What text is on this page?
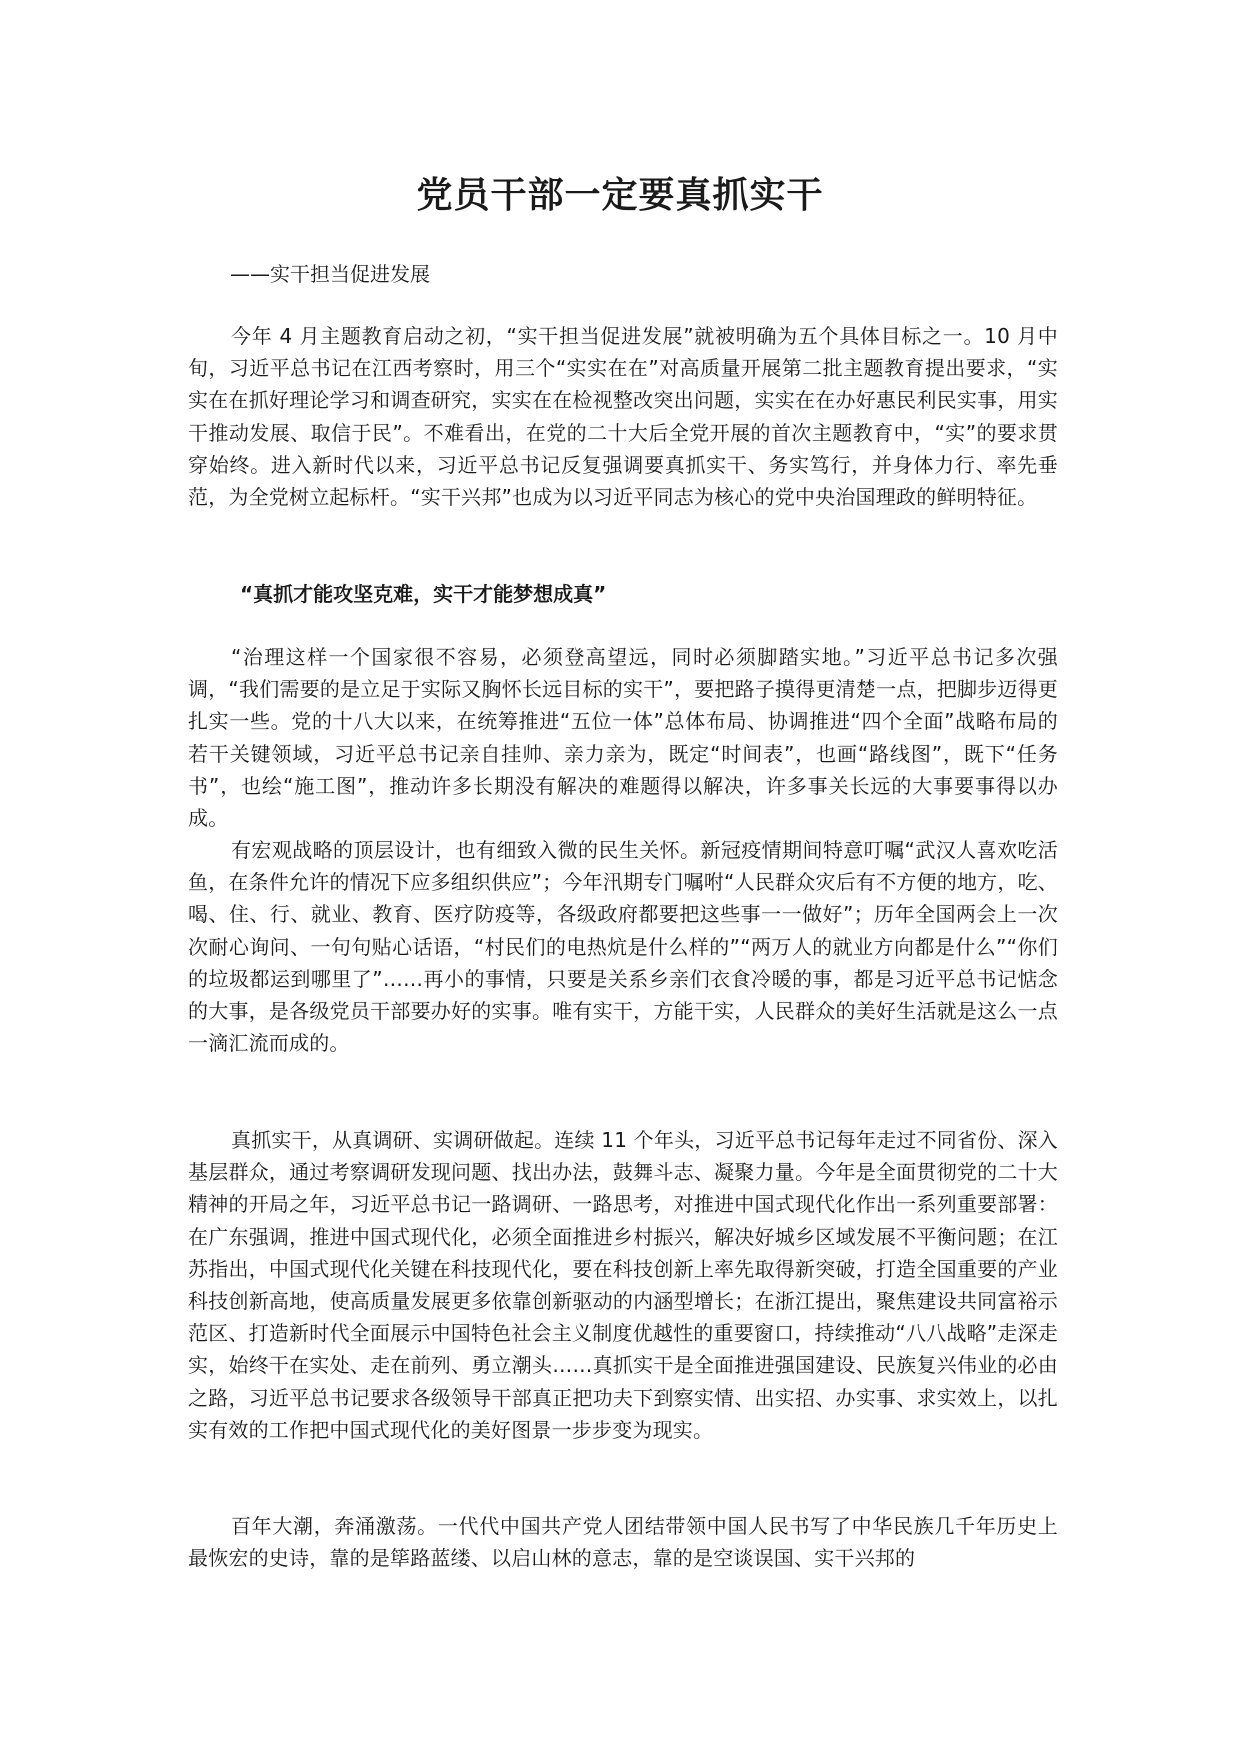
党员干部一定要真抓实干

——实干担当促进发展

今年 4 月主题教育启动之初，“实干担当促进发展”就被明确为五个具体目标之一。10 月中旬，习近平总书记在江西考察时，用三个“实实在在”对高质量开展第二批主题教育提出要求，“实实在在抓好理论学习和调查研究，实实在在检视整改突出问题，实实在在办好惠民利民实事，用实干推动发展、取信于民”。不难看出，在党的二十大后全党开展的首次主题教育中，“实”的要求贯穿始终。进入新时代以来，习近平总书记反复强调要真抓实干、务实笃行，并身体力行、率先垂范，为全党树立起标杆。“实干兴邦”也成为以习近平同志为核心的党中央治国理政的鲜明特征。

“真抓才能攻坚克难，实干才能梦想成真”

“治理这样一个国家很不容易，必须登高望远，同时必须脚踏实地。”习近平总书记多次强调，“我们需要的是立足于实际又胸怀长远目标的实干”，要把路子摸得更清楚一点，把脚步迈得更扎实一些。党的十八大以来，在统筹推进“五位一体”总体布局、协调推进“四个全面”战略布局的若干关键领域，习近平总书记亲自挂帅、亲力亲为，既定“时间表”，也画“路线图”，既下“任务书”，也绘“施工图”，推动许多长期没有解决的难题得以解决，许多事关长远的大事要事得以办成。

有宏观战略的顶层设计，也有细致入微的民生关怀。新冠疫情期间特意叮嘱“武汉人喜欢吃活鱼，在条件允许的情况下应多组织供应”；今年汛期专门嘱咐“人民群众灾后有不方便的地方，吃、喝、住、行、就业、教育、医疗防疫等，各级政府都要把这些事一一做好”；历年全国两会上一次次耐心询问、一句句贴心话语，“村民们的电热炕是什么样的”“两万人的就业方向都是什么”“你们的垃圾都运到哪里了”……再小的事情，只要是关系乡亲们衣食冷暖的事，都是习近平总书记惦念的大事，是各级党员干部要办好的实事。唯有实干，方能干实，人民群众的美好生活就是这么一点一滴汇流而成的。

真抓实干，从真调研、实调研做起。连续 11 个年头，习近平总书记每年走过不同省份、深入基层群众，通过考察调研发现问题、找出办法，鼓舞斗志、凝聚力量。今年是全面贯彻党的二十大精神的开局之年，习近平总书记一路调研、一路思考，对推进中国式现代化作出一系列重要部署：在广东强调，推进中国式现代化，必须全面推进乡村振兴，解决好城乡区域发展不平衡问题；在江苏指出，中国式现代化关键在科技现代化，要在科技创新上率先取得新突破，打造全国重要的产业科技创新高地，使高质量发展更多依靠创新驱动的内涵型增长；在浙江提出，聚焦建设共同富裕示范区、打造新时代全面展示中国特色社会主义制度优越性的重要窗口，持续推动“八八战略”走深走实，始终干在实处、走在前列、勇立潮头……真抓实干是全面推进强国建设、民族复兴伟业的必由之路，习近平总书记要求各级领导干部真正把功夫下到察实情、出实招、办实事、求实效上，以扎实有效的工作把中国式现代化的美好图景一步步变为现实。

百年大潮，奔涌激荡。一代代中国共产党人团结带领中国人民书写了中华民族几千年历史上最恢宏的史诗，靠的是筚路蓝缕、以启山林的意志，靠的是空谈误国、实干兴邦的
